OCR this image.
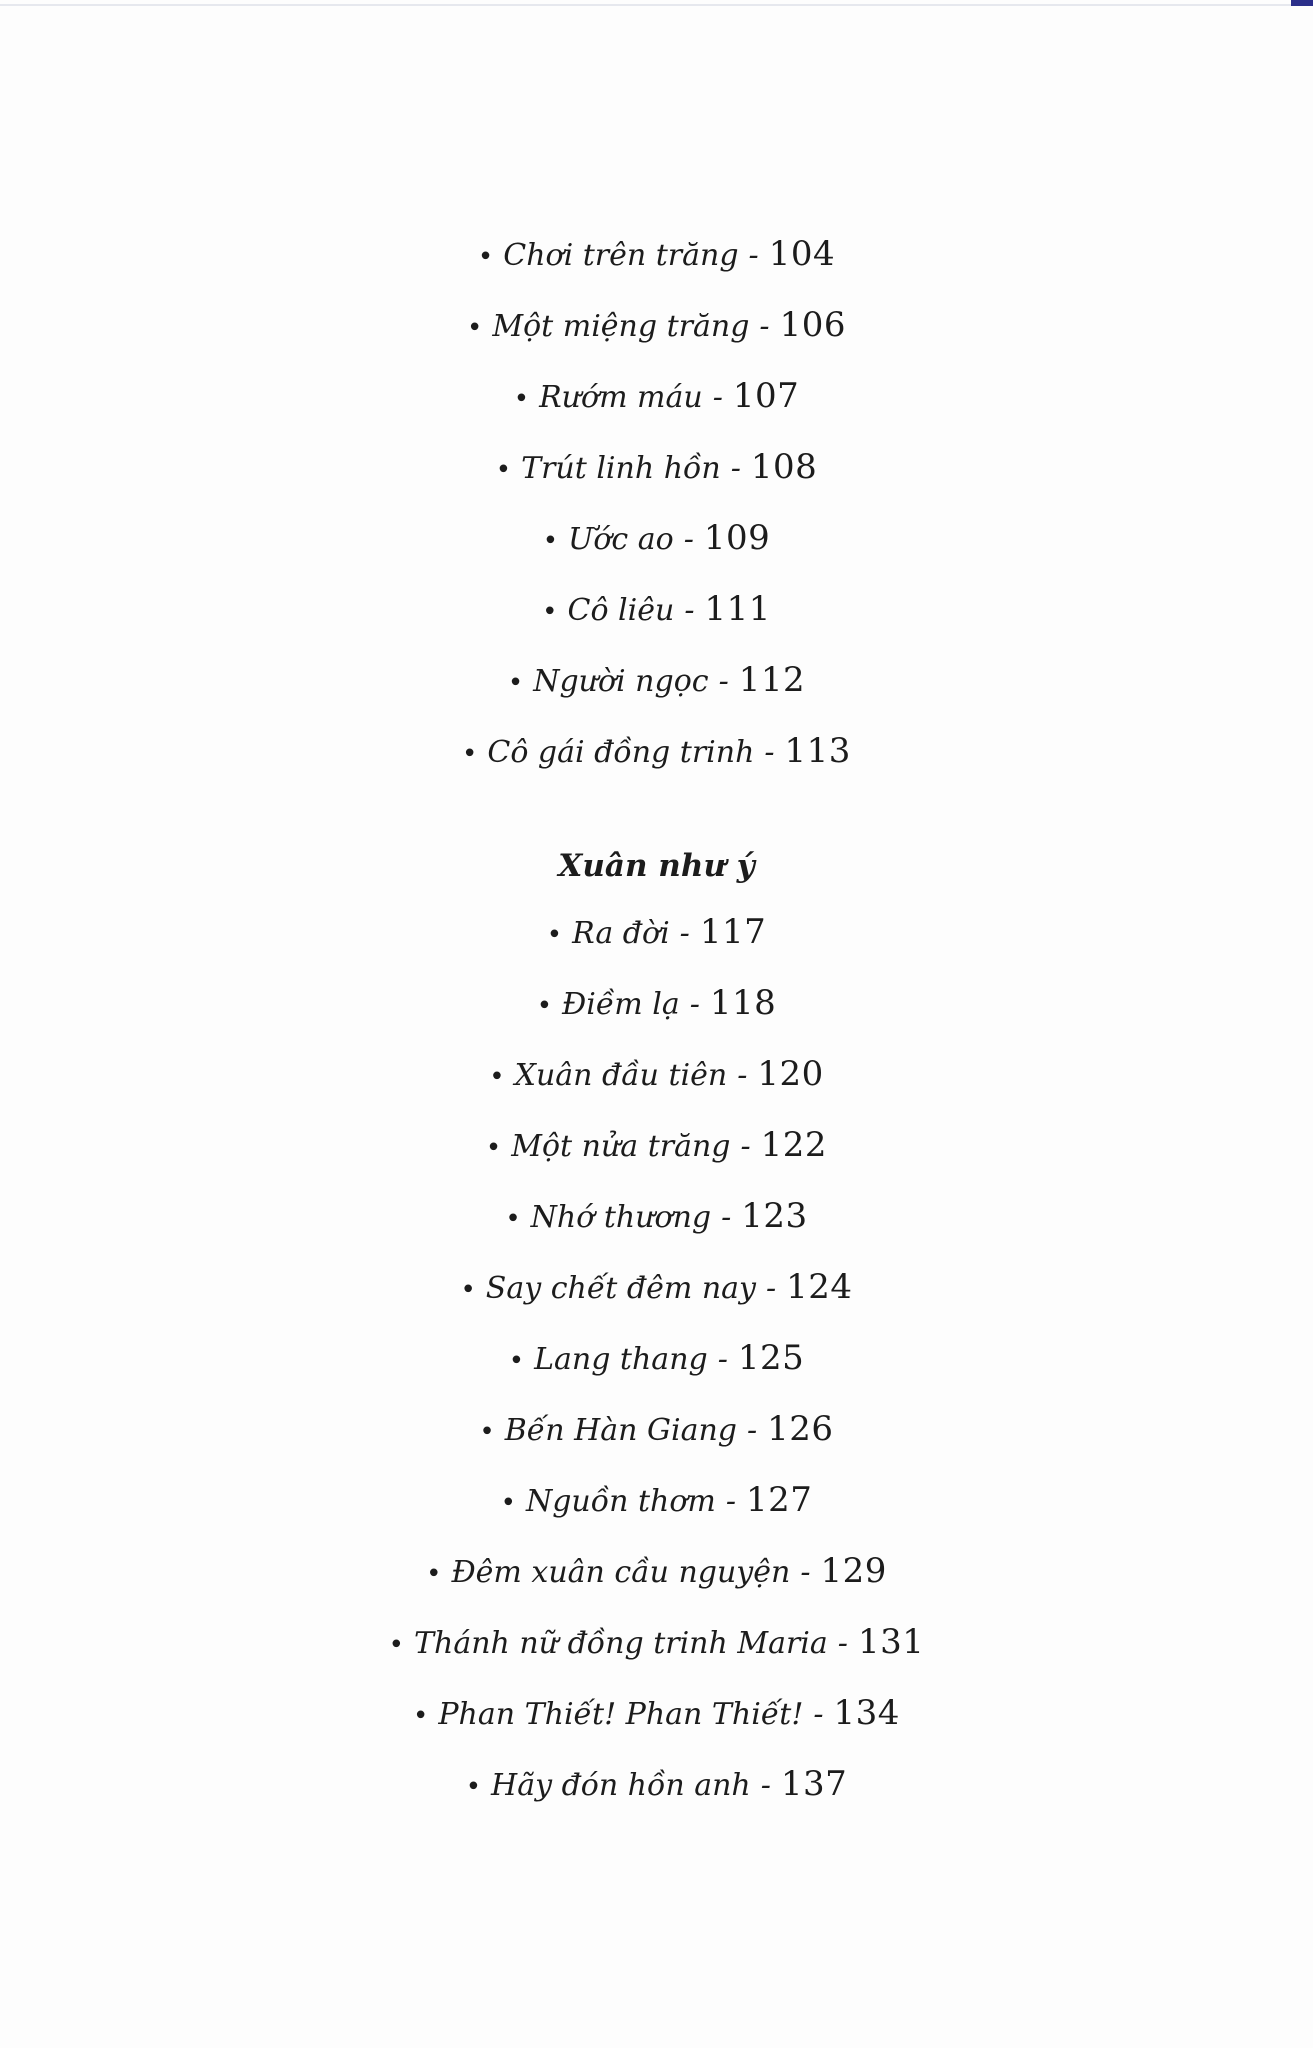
• Chơi trên trăng - 104
• Một miệng trăng - 106
• Rướm máu - 107
• Trút linh hồn - 108
• Ước ao - 109
• Cô liêu - 111
• Người ngọc - 112
• Cô gái đồng trinh - 113
Xuân như ý
• Ra đời - 117
• Điềm lạ - 118
• Xuân đầu tiên - 120
• Một nửa trăng - 122
• Nhớ thương - 123
• Say chết đêm nay - 124
• Lang thang - 125
• Bến Hàn Giang - 126
• Nguồn thơm - 127
• Đêm xuân cầu nguyện - 129
• Thánh nữ đồng trinh Maria - 131
• Phan Thiết! Phan Thiết! - 134
• Hãy đón hồn anh - 137
